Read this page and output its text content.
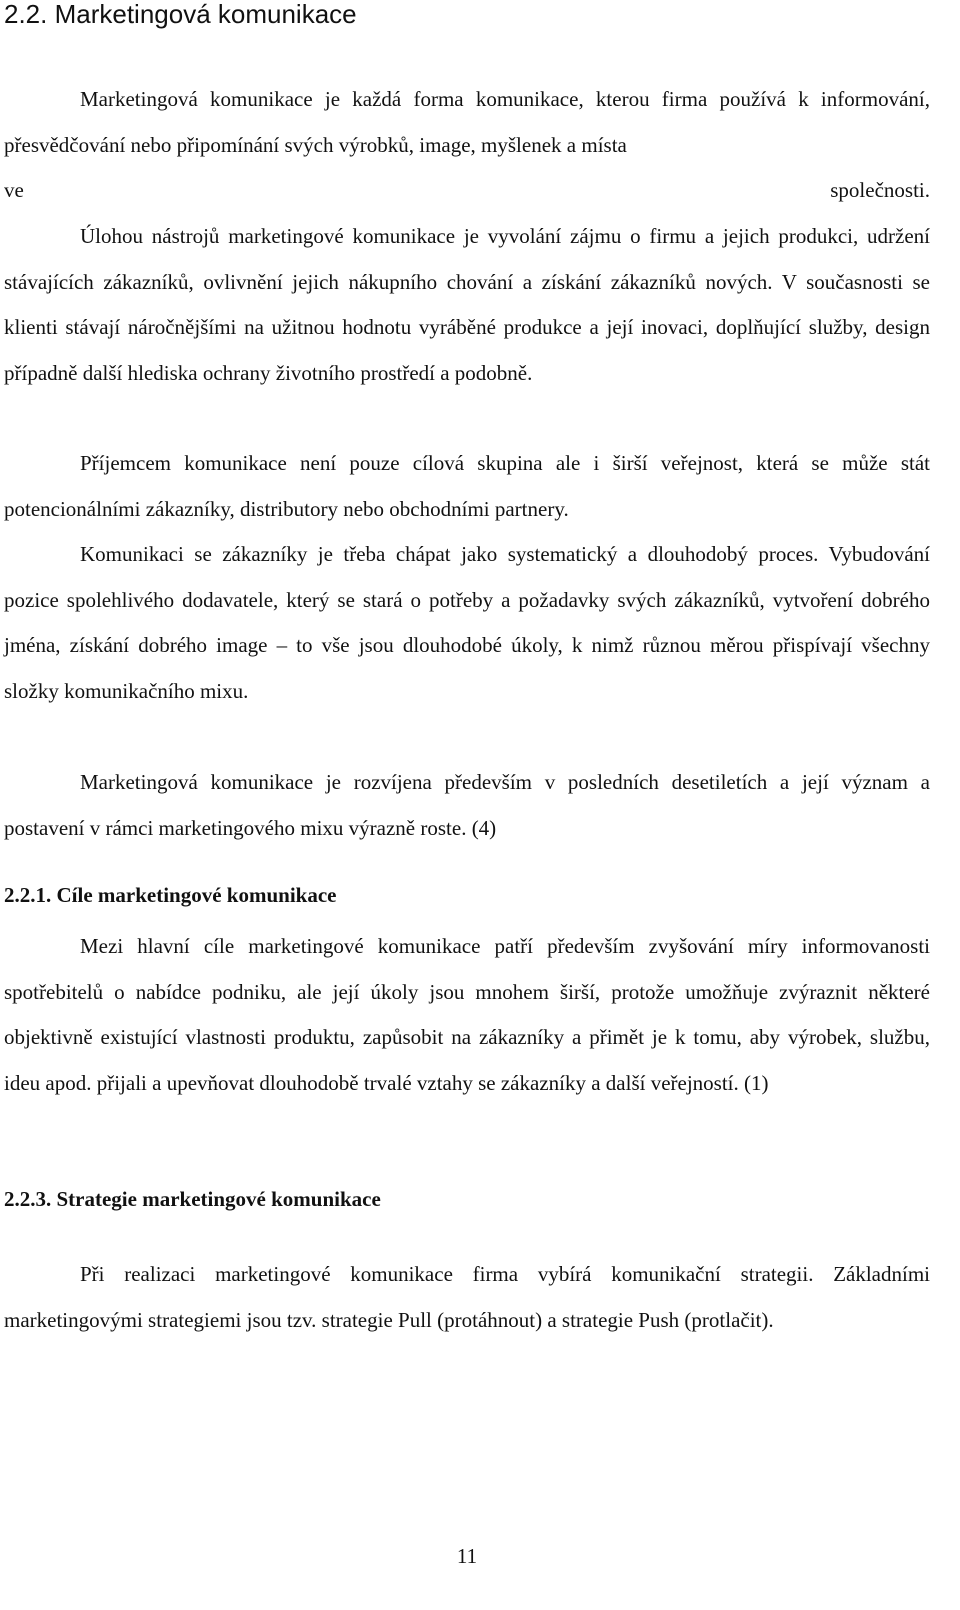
2.2. Marketingová komunikace

Marketingová komunikace je každá forma komunikace, kterou firma používá k informování, přesvědčování nebo připomínání svých výrobků, image, myšlenek a místa

ve	společnosti.

Úlohou nástrojů marketingové komunikace je vyvolání zájmu o firmu a jejich produkci, udržení stávajících zákazníků, ovlivnění jejich nákupního chování a získání zákazníků nových. V současnosti se klienti stávají náročnějšími na užitnou hodnotu vyráběné produkce a její inovaci, doplňující služby, design případně další hlediska ochrany životního prostředí a podobně.

Příjemcem komunikace není pouze cílová skupina ale i širší veřejnost, která se může stát potencionálními zákazníky, distributory nebo obchodními partnery.

Komunikaci se zákazníky je třeba chápat jako systematický a dlouhodobý proces. Vybudování pozice spolehlivého dodavatele, který se stará o potřeby a požadavky svých zákazníků, vytvoření dobrého jména, získání dobrého image – to vše jsou dlouhodobé úkoly, k nimž různou měrou přispívají všechny složky komunikačního mixu.

Marketingová komunikace je rozvíjena především v posledních desetiletích a její význam a postavení v rámci marketingového mixu výrazně roste. (4)

2.2.1. Cíle marketingové komunikace

Mezi hlavní cíle marketingové komunikace patří především zvyšování míry informovanosti spotřebitelů o nabídce podniku, ale její úkoly jsou mnohem širší, protože umožňuje zvýraznit některé objektivně existující vlastnosti produktu, zapůsobit na zákazníky a přimět je k tomu, aby výrobek, službu, ideu apod. přijali a upevňovat dlouhodobě trvalé vztahy se zákazníky a další veřejností. (1)

2.2.3. Strategie marketingové komunikace

Při realizaci marketingové komunikace firma vybírá komunikační strategii. Základními marketingovými strategiemi jsou tzv. strategie Pull (protáhnout) a strategie Push (protlačit).

11
